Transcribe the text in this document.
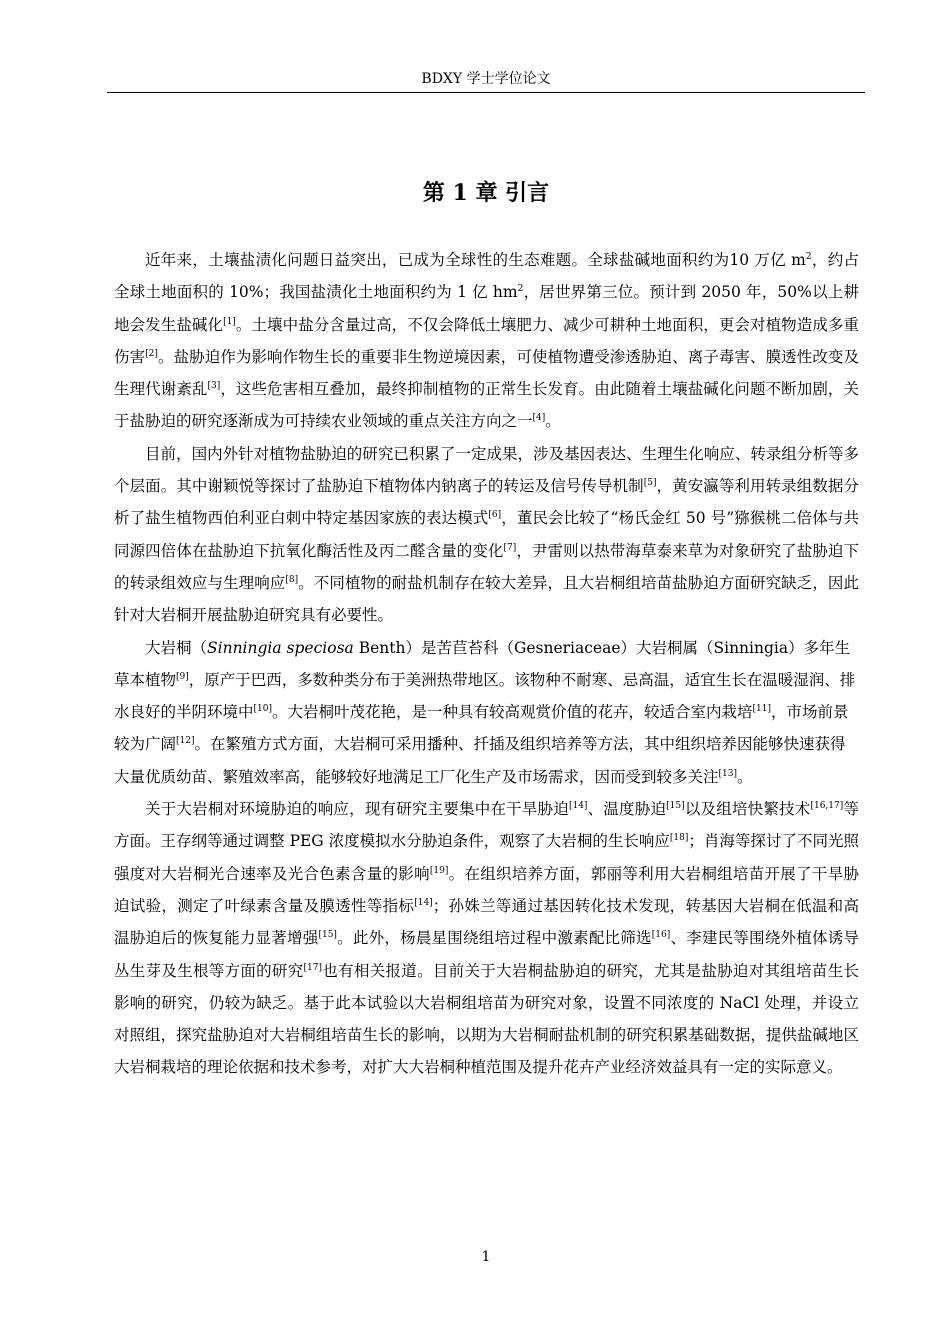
BDXY 学士学位论文
第 1 章 引言

近年来，土壤盐渍化问题日益突出，已成为全球性的生态难题。全球盐碱地面积约为10 万亿 $m^2$，约占全球土地面积的 10%；我国盐渍化土地面积约为 1 亿 $hm^2$，居世界第三位。预计到 2050 年，50%以上耕地会发生盐碱化[1]。土壤中盐分含量过高，不仅会降低土壤肥力、减少可耕种土地面积，更会对植物造成多重伤害[2]。盐胁迫作为影响作物生长的重要非生物逆境因素，可使植物遭受渗透胁迫、离子毒害、膜透性改变及生理代谢紊乱[3]，这些危害相互叠加，最终抑制植物的正常生长发育。由此随着土壤盐碱化问题不断加剧，关于盐胁迫的研究逐渐成为可持续农业领域的重点关注方向之一[4]。

目前，国内外针对植物盐胁迫的研究已积累了一定成果，涉及基因表达、生理生化响应、转录组分析等多个层面。其中谢颖悦等探讨了盐胁迫下植物体内钠离子的转运及信号传导机制[5]，黄安瀛等利用转录组数据分析了盐生植物西伯利亚白刺中特定基因家族的表达模式[6]，董民会比较了“杨氏金红 50 号”猕猴桃二倍体与共同源四倍体在盐胁迫下抗氧化酶活性及丙二醛含量的变化[7]，尹雷则以热带海草泰来草为对象研究了盐胁迫下的转录组效应与生理响应[8]。不同植物的耐盐机制存在较大差异，且大岩桐组培苗盐胁迫方面研究缺乏，因此针对大岩桐开展盐胁迫研究具有必要性。

大岩桐（Sinningia speciosa Benth）是苦苣苔科（Gesneriaceae）大岩桐属（Sinningia）多年生草本植物[9]，原产于巴西，多数种类分布于美洲热带地区。该物种不耐寒、忌高温，适宜生长在温暖湿润、排水良好的半阴环境中[10]。大岩桐叶茂花艳，是一种具有较高观赏价值的花卉，较适合室内栽培[11]，市场前景较为广阔[12]。在繁殖方式方面，大岩桐可采用播种、扦插及组织培养等方法，其中组织培养因能够快速获得大量优质幼苗、繁殖效率高，能够较好地满足工厂化生产及市场需求，因而受到较多关注[13]。

关于大岩桐对环境胁迫的响应，现有研究主要集中在干旱胁迫[14]、温度胁迫[15]以及组培快繁技术[16,17]等方面。王存纲等通过调整 PEG 浓度模拟水分胁迫条件，观察了大岩桐的生长响应[18]；肖海等探讨了不同光照强度对大岩桐光合速率及光合色素含量的影响[19]。在组织培养方面，郭丽等利用大岩桐组培苗开展了干旱胁迫试验，测定了叶绿素含量及膜透性等指标[14]；孙姝兰等通过基因转化技术发现，转基因大岩桐在低温和高温胁迫后的恢复能力显著增强[15]。此外，杨晨星围绕组培过程中激素配比筛选[16]、李建民等围绕外植体诱导丛生芽及生根等方面的研究[17]也有相关报道。目前关于大岩桐盐胁迫的研究，尤其是盐胁迫对其组培苗生长影响的研究，仍较为缺乏。基于此本试验以大岩桐组培苗为研究对象，设置不同浓度的 NaCl 处理，并设立对照组，探究盐胁迫对大岩桐组培苗生长的影响，以期为大岩桐耐盐机制的研究积累基础数据，提供盐碱地区大岩桐栽培的理论依据和技术参考，对扩大大岩桐种植范围及提升花卉产业经济效益具有一定的实际意义。

1
